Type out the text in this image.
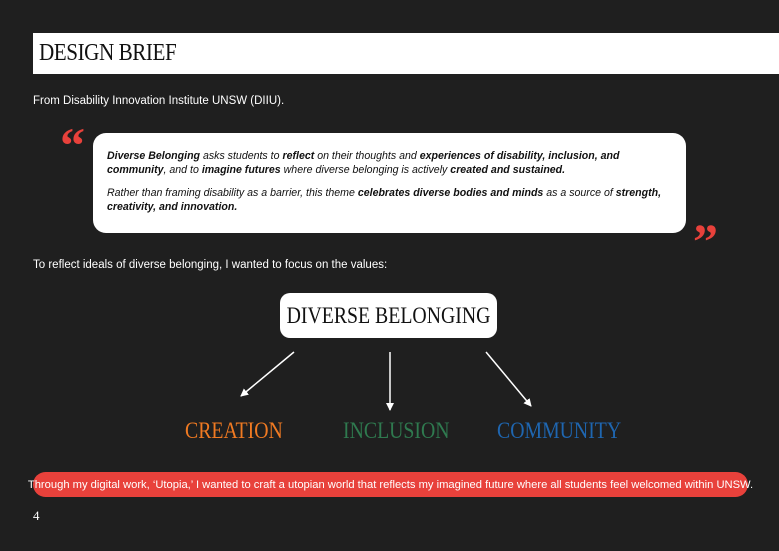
DESIGN BRIEF
From Disability Innovation Institute UNSW (DIIU).
“ Diverse Belonging asks students to reflect on their thoughts and experiences of disability, inclusion, and community, and to imagine futures where diverse belonging is actively created and sustained.

Rather than framing disability as a barrier, this theme celebrates diverse bodies and minds as a source of strength, creativity, and innovation.

”
To reflect ideals of diverse belonging, I wanted to focus on the values:
DIVERSE BELONGING
CREATION	INCLUSION COMMUNITY
Through my digital work, ‘Utopia,’ I wanted to craft a utopian world that reflects my imagined future where all students feel welcomed within UNSW.
4
